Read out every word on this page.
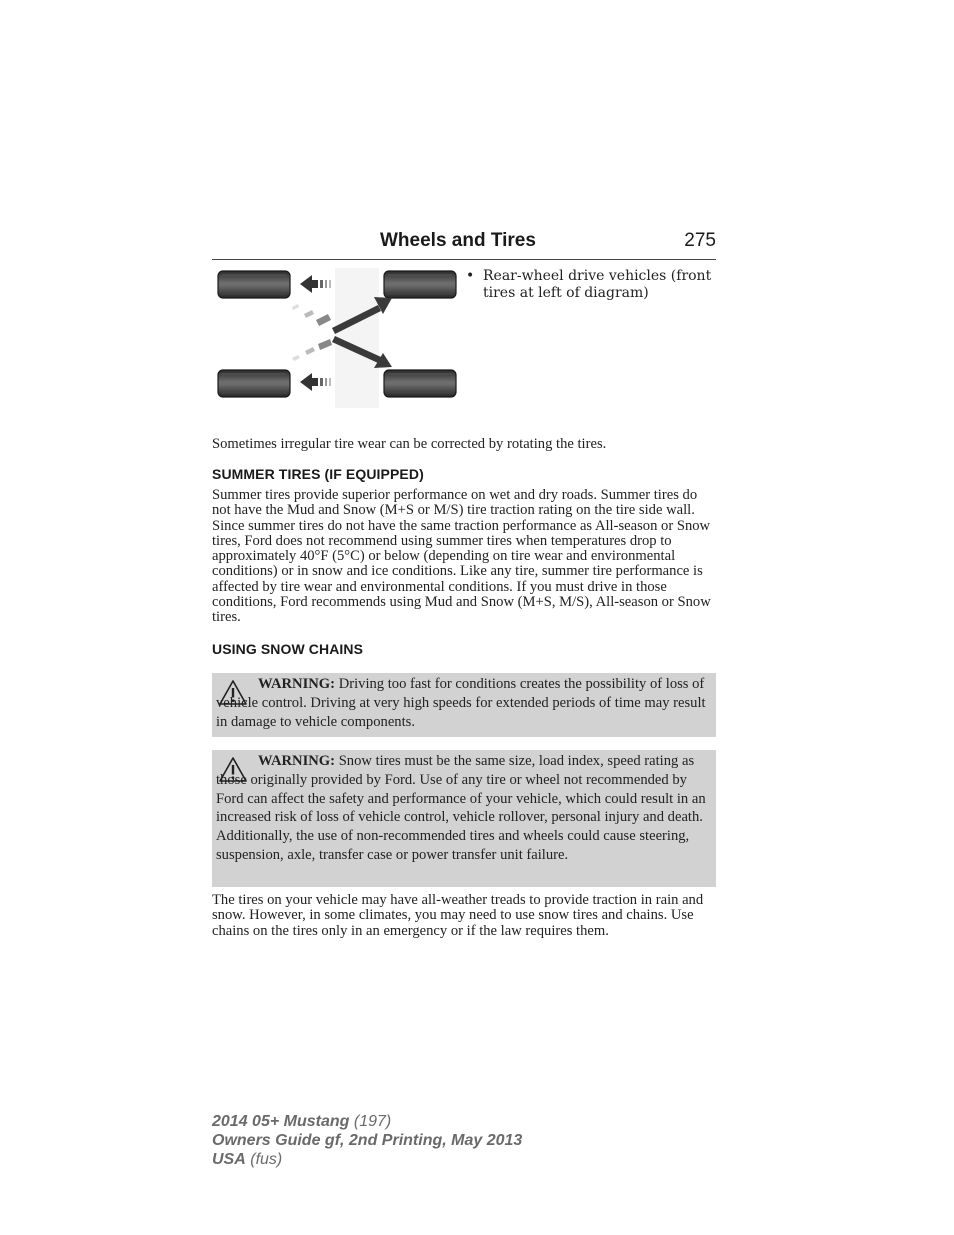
Wheels and Tires	275
• Rear-wheel drive vehicles (front tires at left of diagram)
Sometimes irregular tire wear can be corrected by rotating the tires.
SUMMER TIRES (IF EQUIPPED)
Summer tires provide superior performance on wet and dry roads. Summer tires do not have the Mud and Snow (M+S or M/S) tire traction rating on the tire side wall. Since summer tires do not have the same traction performance as All-season or Snow tires, Ford does not recommend using summer tires when temperatures drop to approximately 40°F (5°C) or below (depending on tire wear and environmental conditions) or in snow and ice conditions. Like any tire, summer tire performance is affected by tire wear and environmental conditions. If you must drive in those conditions, Ford recommends using Mud and Snow (M+S, M/S), All-season or Snow tires.
USING SNOW CHAINS
WARNING: Driving too fast for conditions creates the possibility of loss of vehicle control. Driving at very high speeds for extended periods of time may result in damage to vehicle components.
WARNING: Snow tires must be the same size, load index, speed rating as those originally provided by Ford. Use of any tire or wheel not recommended by Ford can affect the safety and performance of your vehicle, which could result in an increased risk of loss of vehicle control, vehicle rollover, personal injury and death. Additionally, the use of non-recommended tires and wheels could cause steering, suspension, axle, transfer case or power transfer unit failure.
The tires on your vehicle may have all-weather treads to provide traction in rain and snow. However, in some climates, you may need to use snow tires and chains. Use chains on the tires only in an emergency or if the law requires them.
2014 05+ Mustang (197)
Owners Guide gf, 2nd Printing, May 2013
USA (fus)
